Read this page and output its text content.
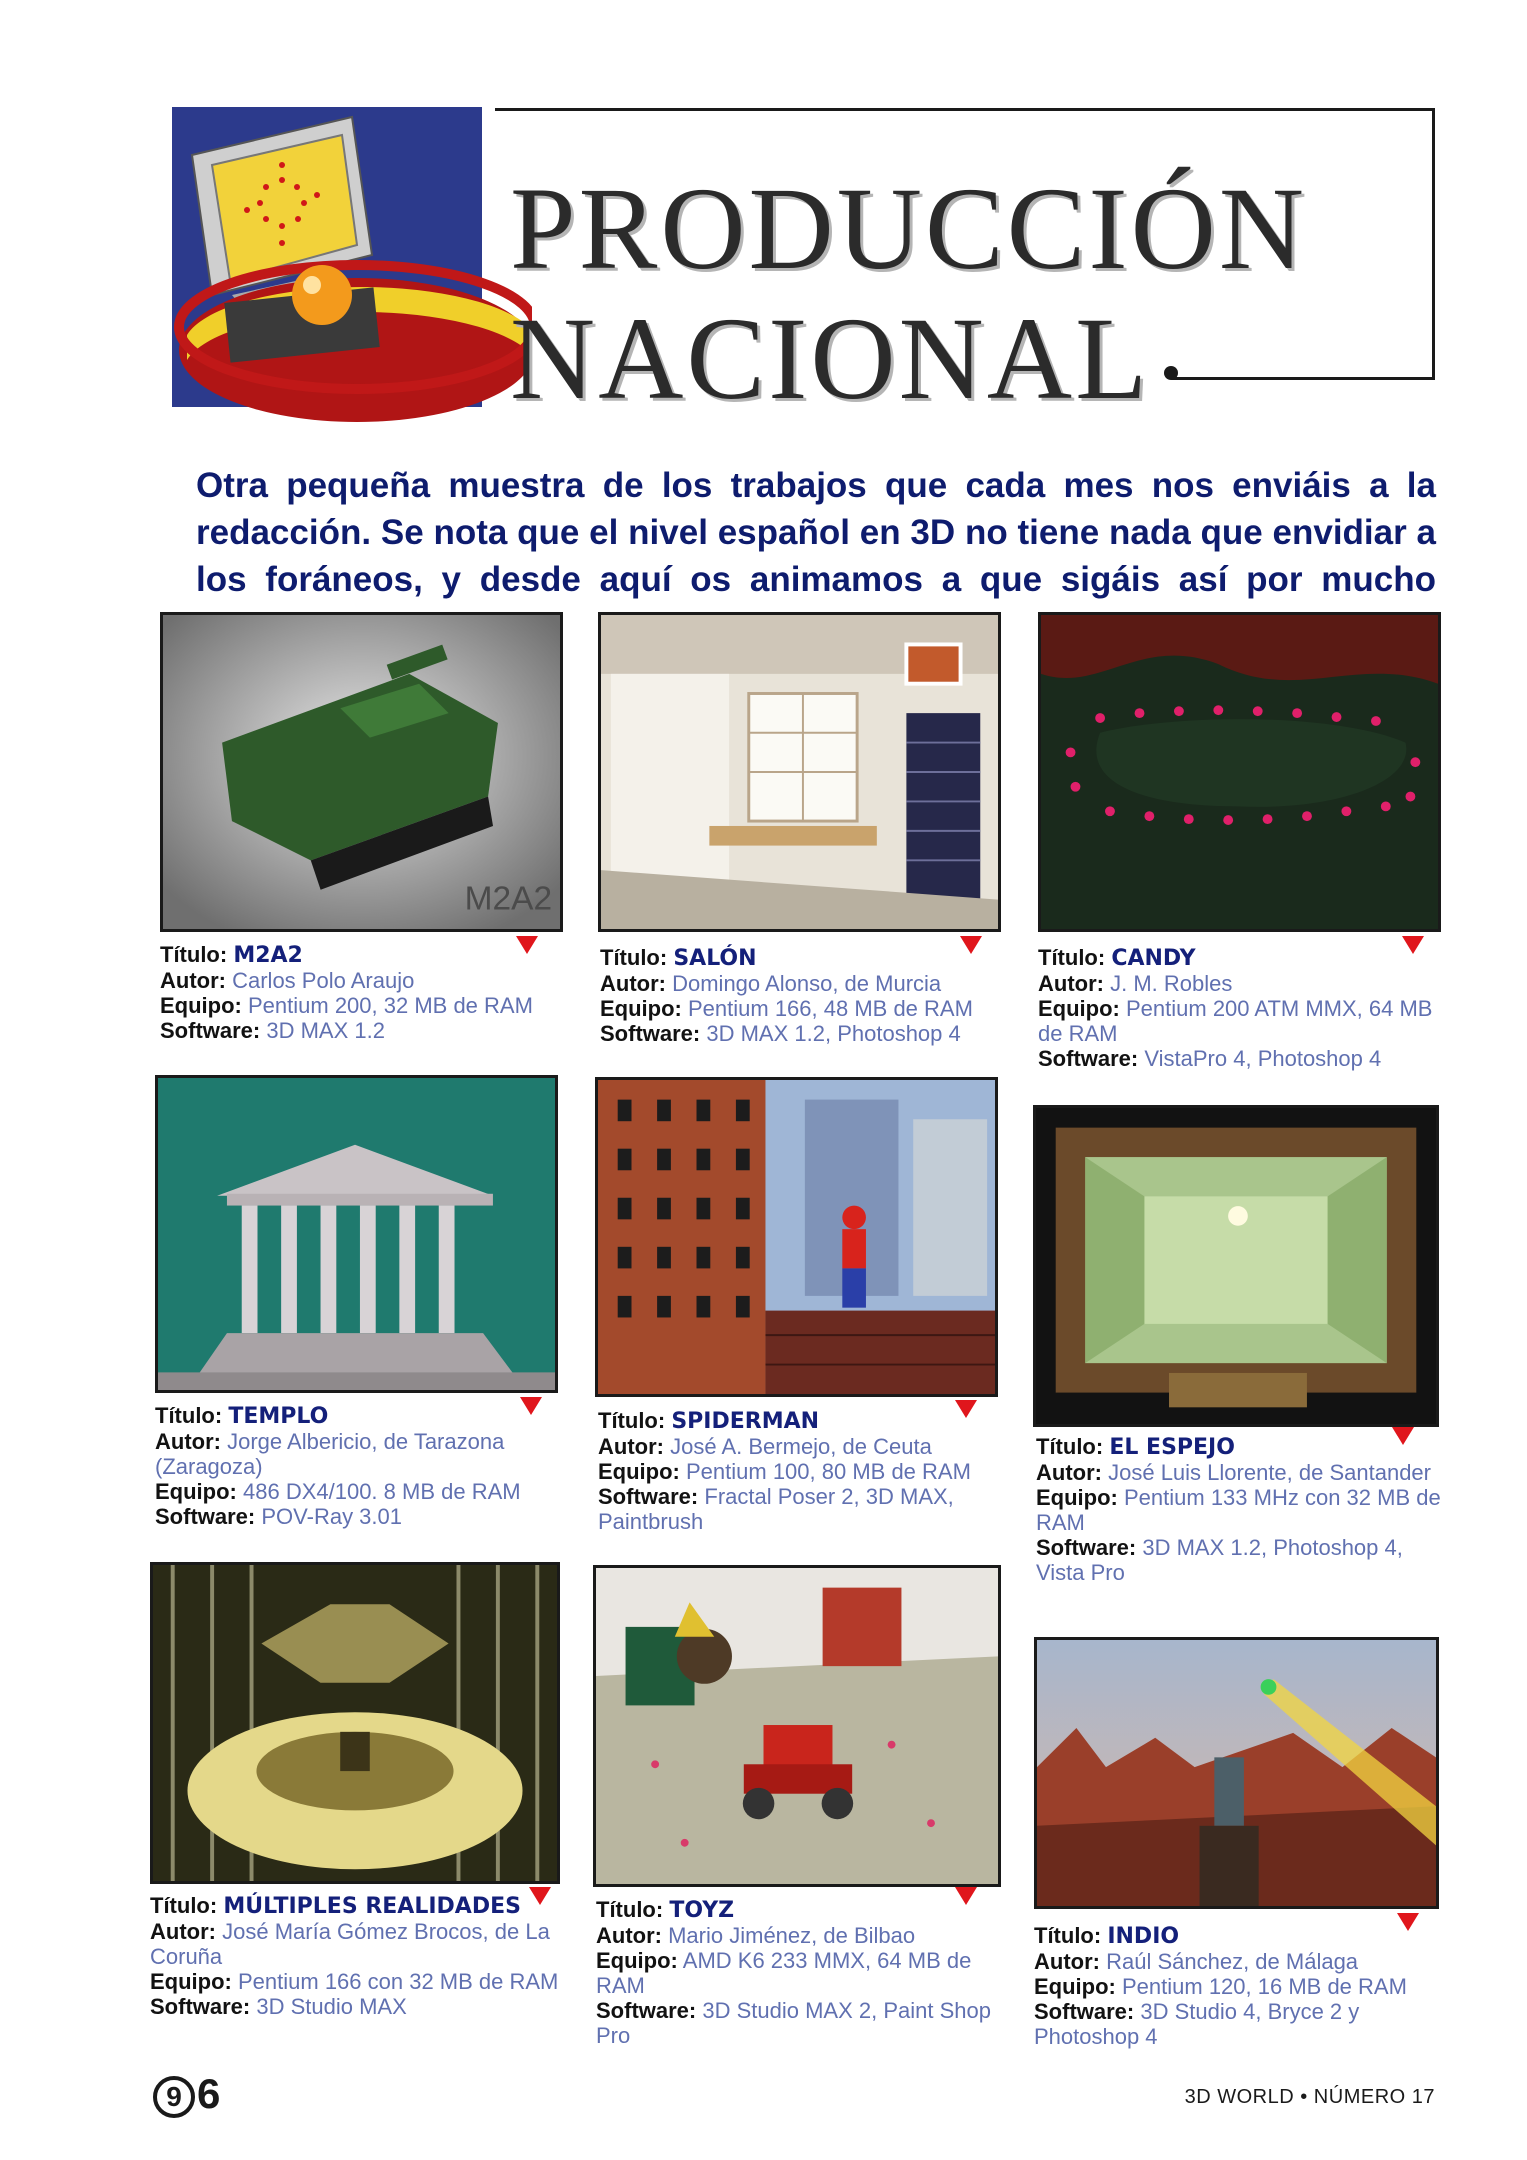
PRODUCCIÓN
NACIONAL
Otra pequeña muestra de los trabajos que cada mes nos enviáis a la redacción. Se nota que el nivel español en 3D no tiene nada que envidiar a los foráneos, y desde aquí os animamos a que sigáis así por mucho
M2A2
Título: M2A2
Autor: Carlos Polo Araujo
Equipo: Pentium 200, 32 MB de RAM
Software: 3D MAX 1.2
Título: SALÓN
Autor: Domingo Alonso, de Murcia
Equipo: Pentium 166, 48 MB de RAM
Software: 3D MAX 1.2, Photoshop 4
Título: CANDY
Autor: J. M. Robles
Equipo: Pentium 200 ATM MMX, 64 MB de RAM
Software: VistaPro 4, Photoshop 4
Título: TEMPLO
Autor: Jorge Albericio, de Tarazona (Zaragoza)
Equipo: 486 DX4/100. 8 MB de RAM
Software: POV-Ray 3.01
Título: SPIDERMAN
Autor: José A. Bermejo, de Ceuta
Equipo: Pentium 100, 80 MB de RAM
Software: Fractal Poser 2, 3D MAX, Paintbrush
Título: EL ESPEJO
Autor: José Luis Llorente, de Santander
Equipo: Pentium 133 MHz con 32 MB de RAM
Software: 3D MAX 1.2, Photoshop 4, Vista Pro
Título: MÚLTIPLES REALIDADES
Autor: José María Gómez Brocos, de La Coruña
Equipo: Pentium 166 con 32 MB de RAM
Software: 3D Studio MAX
Título: TOYZ
Autor: Mario Jiménez, de Bilbao
Equipo: AMD K6 233 MMX, 64 MB de RAM
Software: 3D Studio MAX 2, Paint Shop Pro
Título: INDIO
Autor: Raúl Sánchez, de Málaga
Equipo: Pentium 120, 16 MB de RAM
Software: 3D Studio 4, Bryce 2 y Photoshop 4
9 6	3D WORLD • NÚMERO 17
